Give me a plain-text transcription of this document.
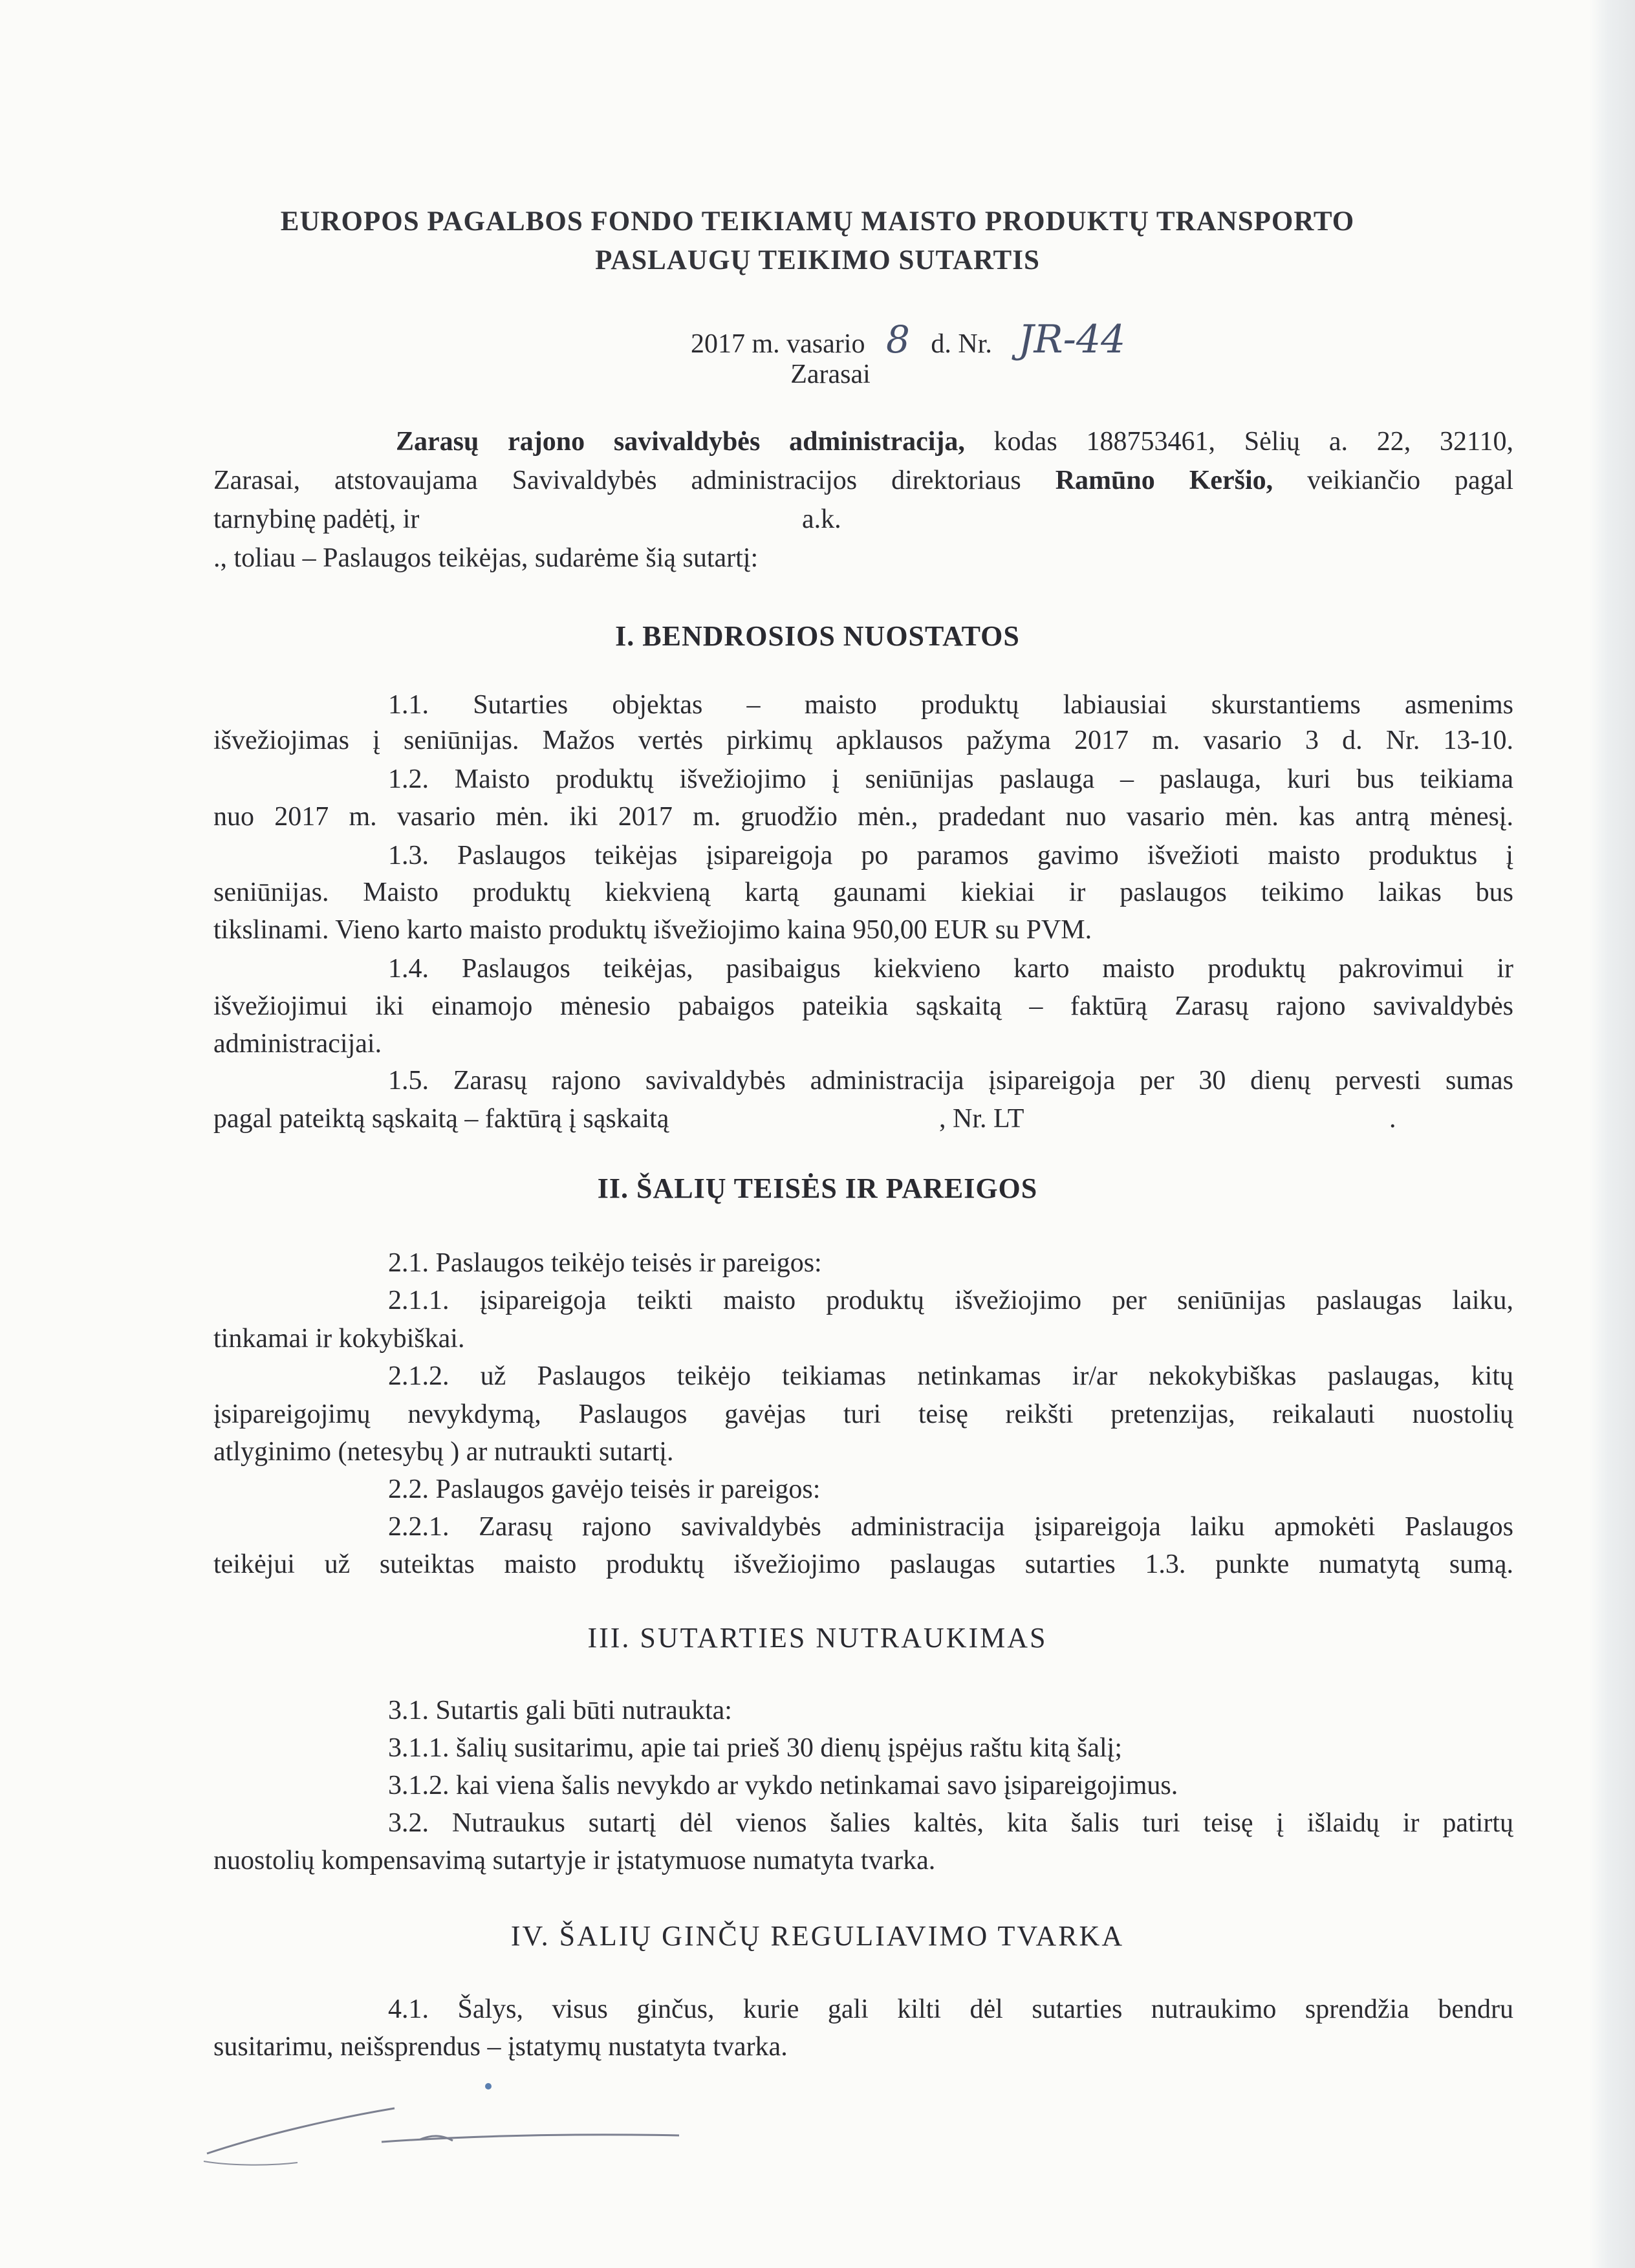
EUROPOS PAGALBOS FONDO TEIKIAMŲ MAISTO PRODUKTŲ TRANSPORTO
PASLAUGŲ TEIKIMO SUTARTIS
2017 m. vasario 8 d. Nr. JR-44
Zarasai
Zarasų rajono savivaldybės administracija, kodas 188753461, Sėlių a. 22, 32110,
Zarasai, atstovaujama Savivaldybės administracijos direktoriaus Ramūno Keršio, veikiančio pagal
tarnybinę padėtį, ir	a.k.
., toliau – Paslaugos teikėjas, sudarėme šią sutartį:
I. BENDROSIOS NUOSTATOS
1.1. Sutarties objektas – maisto produktų labiausiai skurstantiems asmenims
išvežiojimas į seniūnijas. Mažos vertės pirkimų apklausos pažyma 2017 m. vasario 3 d. Nr. 13-10.
1.2. Maisto produktų išvežiojimo į seniūnijas paslauga – paslauga, kuri bus teikiama
nuo 2017 m. vasario mėn. iki 2017 m. gruodžio mėn., pradedant nuo vasario mėn. kas antrą mėnesį.
1.3. Paslaugos teikėjas įsipareigoja po paramos gavimo išvežioti maisto produktus į
seniūnijas. Maisto produktų kiekvieną kartą gaunami kiekiai ir paslaugos teikimo laikas bus
tikslinami. Vieno karto maisto produktų išvežiojimo kaina 950,00 EUR su PVM.
1.4. Paslaugos teikėjas, pasibaigus kiekvieno karto maisto produktų pakrovimui ir
išvežiojimui iki einamojo mėnesio pabaigos pateikia sąskaitą – faktūrą Zarasų rajono savivaldybės
administracijai.
1.5. Zarasų rajono savivaldybės administracija įsipareigoja per 30 dienų pervesti sumas
pagal pateiktą sąskaitą – faktūrą į sąskaitą	, Nr. LT	.
II. ŠALIŲ TEISĖS IR PAREIGOS
2.1. Paslaugos teikėjo teisės ir pareigos:
2.1.1. įsipareigoja teikti maisto produktų išvežiojimo per seniūnijas paslaugas laiku,
tinkamai ir kokybiškai.
2.1.2. už Paslaugos teikėjo teikiamas netinkamas ir/ar nekokybiškas paslaugas, kitų
įsipareigojimų nevykdymą, Paslaugos gavėjas turi teisę reikšti pretenzijas, reikalauti nuostolių
atlyginimo (netesybų ) ar nutraukti sutartį.
2.2. Paslaugos gavėjo teisės ir pareigos:
2.2.1. Zarasų rajono savivaldybės administracija įsipareigoja laiku apmokėti Paslaugos
teikėjui už suteiktas maisto produktų išvežiojimo paslaugas sutarties 1.3. punkte numatytą sumą.
III. SUTARTIES NUTRAUKIMAS
3.1. Sutartis gali būti nutraukta:
3.1.1. šalių susitarimu, apie tai prieš 30 dienų įspėjus raštu kitą šalį;
3.1.2. kai viena šalis nevykdo ar vykdo netinkamai savo įsipareigojimus.
3.2. Nutraukus sutartį dėl vienos šalies kaltės, kita šalis turi teisę į išlaidų ir patirtų
nuostolių kompensavimą sutartyje ir įstatymuose numatyta tvarka.
IV. ŠALIŲ GINČŲ REGULIAVIMO TVARKA
4.1. Šalys, visus ginčus, kurie gali kilti dėl sutarties nutraukimo sprendžia bendru
susitarimu, neišsprendus – įstatymų nustatyta tvarka.
